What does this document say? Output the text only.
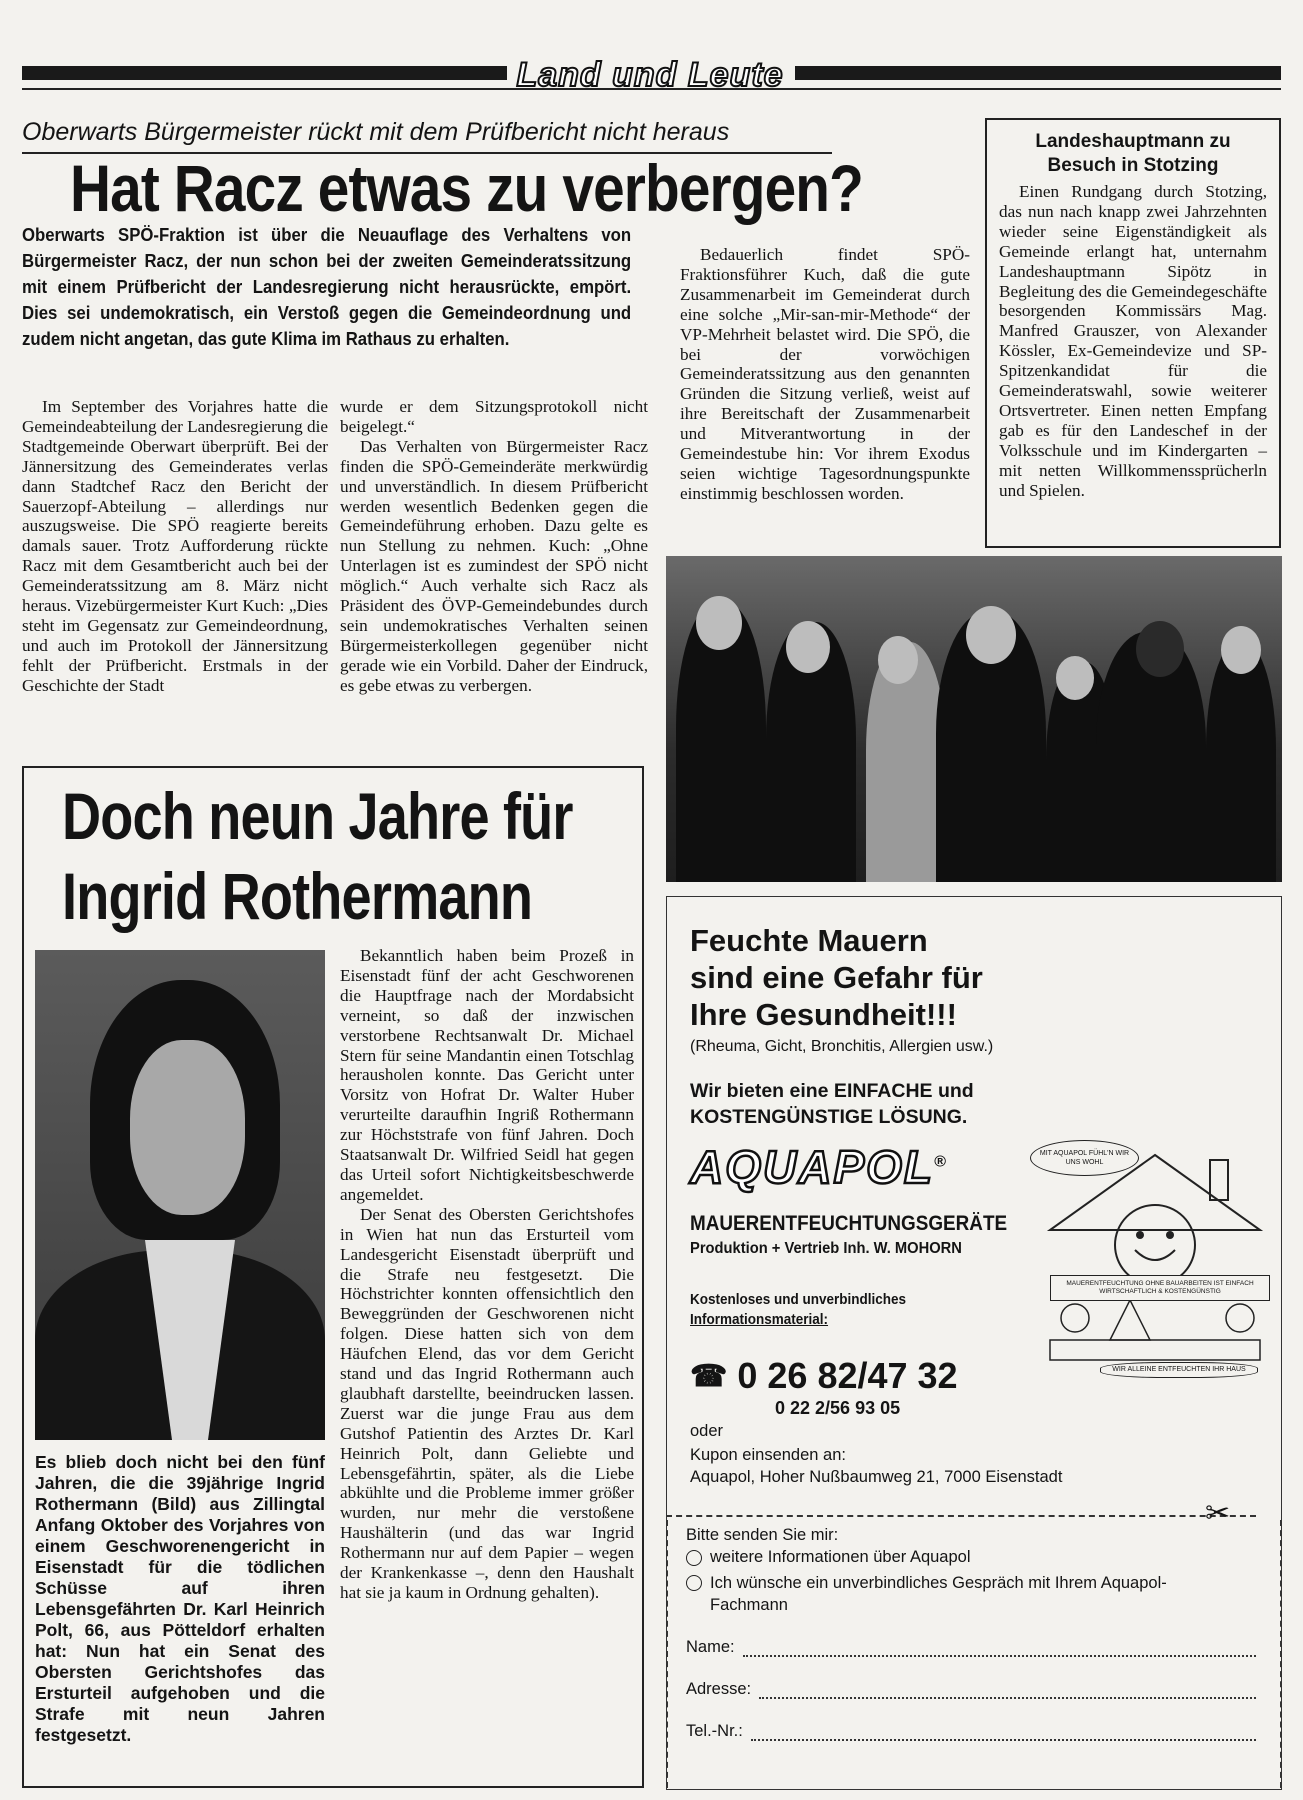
Land und Leute
Oberwarts Bürgermeister rückt mit dem Prüfbericht nicht heraus
Hat Racz etwas zu verbergen?
Oberwarts SPÖ-Fraktion ist über die Neuauflage des Verhaltens von
Bürgermeister Racz, der nun schon bei der zweiten Gemeinderatssitzung
mit einem Prüfbericht der Landesregierung nicht herausrückte, empört.
Dies sei undemokratisch, ein Verstoß gegen die Gemeindeordnung und
zudem nicht angetan, das gute Klima im Rathaus zu erhalten.

Im September des Vorjahres hatte die Gemeindeabteilung der Landesregierung die Stadtgemeinde Oberwart überprüft. Bei der Jännersitzung des Gemeinderates verlas dann Stadtchef Racz den Bericht der Sauerzopf-Abteilung – allerdings nur auszugsweise. Die SPÖ reagierte bereits damals sauer. Trotz Aufforderung rückte Racz mit dem Gesamtbericht auch bei der Gemeinderatssitzung am 8. März nicht heraus. Vizebürgermeister Kurt Kuch: „Dies steht im Gegensatz zur Gemeindeordnung, und auch im Protokoll der Jännersitzung fehlt der Prüfbericht. Erstmals in der Geschichte der Stadt

wurde er dem Sitzungsprotokoll nicht beigelegt.“

Das Verhalten von Bürgermeister Racz finden die SPÖ-Gemeinderäte merkwürdig und unverständlich. In diesem Prüfbericht werden wesentlich Bedenken gegen die Gemeindeführung erhoben. Dazu gelte es nun Stellung zu nehmen. Kuch: „Ohne Unterlagen ist es zumindest der SPÖ nicht möglich.“ Auch verhalte sich Racz als Präsident des ÖVP-Gemeindebundes durch sein undemokratisches Verhalten seinen Bürgermeisterkollegen gegenüber nicht gerade wie ein Vorbild. Daher der Eindruck, es gebe etwas zu verbergen.

Bedauerlich findet SPÖ-Fraktionsführer Kuch, daß die gute Zusammenarbeit im Gemeinderat durch eine solche „Mir-san-mir-Methode“ der VP-Mehrheit belastet wird. Die SPÖ, die bei der vorwöchigen Gemeinderatssitzung aus den genannten Gründen die Sitzung verließ, weist auf ihre Bereitschaft der Zusammenarbeit und Mitverantwortung in der Gemeindestube hin: Vor ihrem Exodus seien wichtige Tagesordnungspunkte einstimmig beschlossen worden.

Landeshauptmann zu
Besuch in Stotzing

Einen Rundgang durch Stotzing, das nun nach knapp zwei Jahrzehnten wieder seine Eigenständigkeit als Gemeinde erlangt hat, unternahm Landeshauptmann Sipötz in Begleitung des die Gemeindegeschäfte besorgenden Kommissärs Mag. Manfred Grauszer, von Alexander Kössler, Ex-Gemeindevize und SP-Spitzenkandidat für die Gemeinderatswahl, sowie weiterer Ortsvertreter. Einen netten Empfang gab es für den Landeschef in der Volksschule und im Kindergarten – mit netten Willkommenssprücherln und Spielen.

Doch neun Jahre für
Ingrid Rothermann
Es blieb doch nicht bei den fünf Jahren, die die 39jährige Ingrid Rothermann (Bild) aus Zillingtal Anfang Oktober des Vorjahres von einem Geschworenengericht in Eisenstadt für die tödlichen Schüsse auf ihren Lebensgefährten Dr. Karl Heinrich Polt, 66, aus Pötteldorf erhalten hat: Nun hat ein Senat des Obersten Gerichtshofes das Ersturteil aufgehoben und die Strafe mit neun Jahren festgesetzt.

Bekanntlich haben beim Prozeß in Eisenstadt fünf der acht Geschworenen die Hauptfrage nach der Mordabsicht verneint, so daß der inzwischen verstorbene Rechtsanwalt Dr. Michael Stern für seine Mandantin einen Totschlag herausholen konnte. Das Gericht unter Vorsitz von Hofrat Dr. Walter Huber verurteilte daraufhin Ingriß Rothermann zur Höchststrafe von fünf Jahren. Doch Staatsanwalt Dr. Wilfried Seidl hat gegen das Urteil sofort Nichtigkeitsbeschwerde angemeldet.

Der Senat des Obersten Gerichtshofes in Wien hat nun das Ersturteil vom Landesgericht Eisenstadt überprüft und die Strafe neu festgesetzt. Die Höchstrichter konnten offensichtlich den Beweggründen der Geschworenen nicht folgen. Diese hatten sich von dem Häufchen Elend, das vor dem Gericht stand und das Ingrid Rothermann auch glaubhaft darstellte, beeindrucken lassen. Zuerst war die junge Frau aus dem Gutshof Patientin des Arztes Dr. Karl Heinrich Polt, dann Geliebte und Lebensgefährtin, später, als die Liebe abkühlte und die Probleme immer größer wurden, nur mehr die verstoßene Haushälterin (und das war Ingrid Rothermann nur auf dem Papier – wegen der Krankenkasse –, denn den Haushalt hat sie ja kaum in Ordnung gehalten).

Feuchte Mauern
sind eine Gefahr für
Ihre Gesundheit!!!
(Rheuma, Gicht, Bronchitis, Allergien usw.)
Wir bieten eine EINFACHE und
KOSTENGÜNSTIGE LÖSUNG.
AQUAPOL®
MAUERENTFEUCHTUNGSGERÄTE
Produktion + Vertrieb Inh. W. MOHORN
Kostenloses und unverbindliches
Informationsmaterial:
☎ 0 26 82/47 32
0 22 2/56 93 05
oder
Kupon einsenden an:
Aquapol, Hoher Nußbaumweg 21, 7000 Eisenstadt
MIT AQUAPOL FÜHL'N WIR UNS WOHL
MAUERENTFEUCHTUNG OHNE BAUARBEITEN IST EINFACH WIRTSCHAFTLICH & KOSTENGÜNSTIG
WIR ALLEINE ENTFEUCHTEN IHR HAUS
✂
Bitte senden Sie mir:
weitere Informationen über Aquapol
Ich wünsche ein unverbindliches Gespräch mit Ihrem Aquapol-
Fachmann
Name:
Adresse:
Tel.-Nr.:
